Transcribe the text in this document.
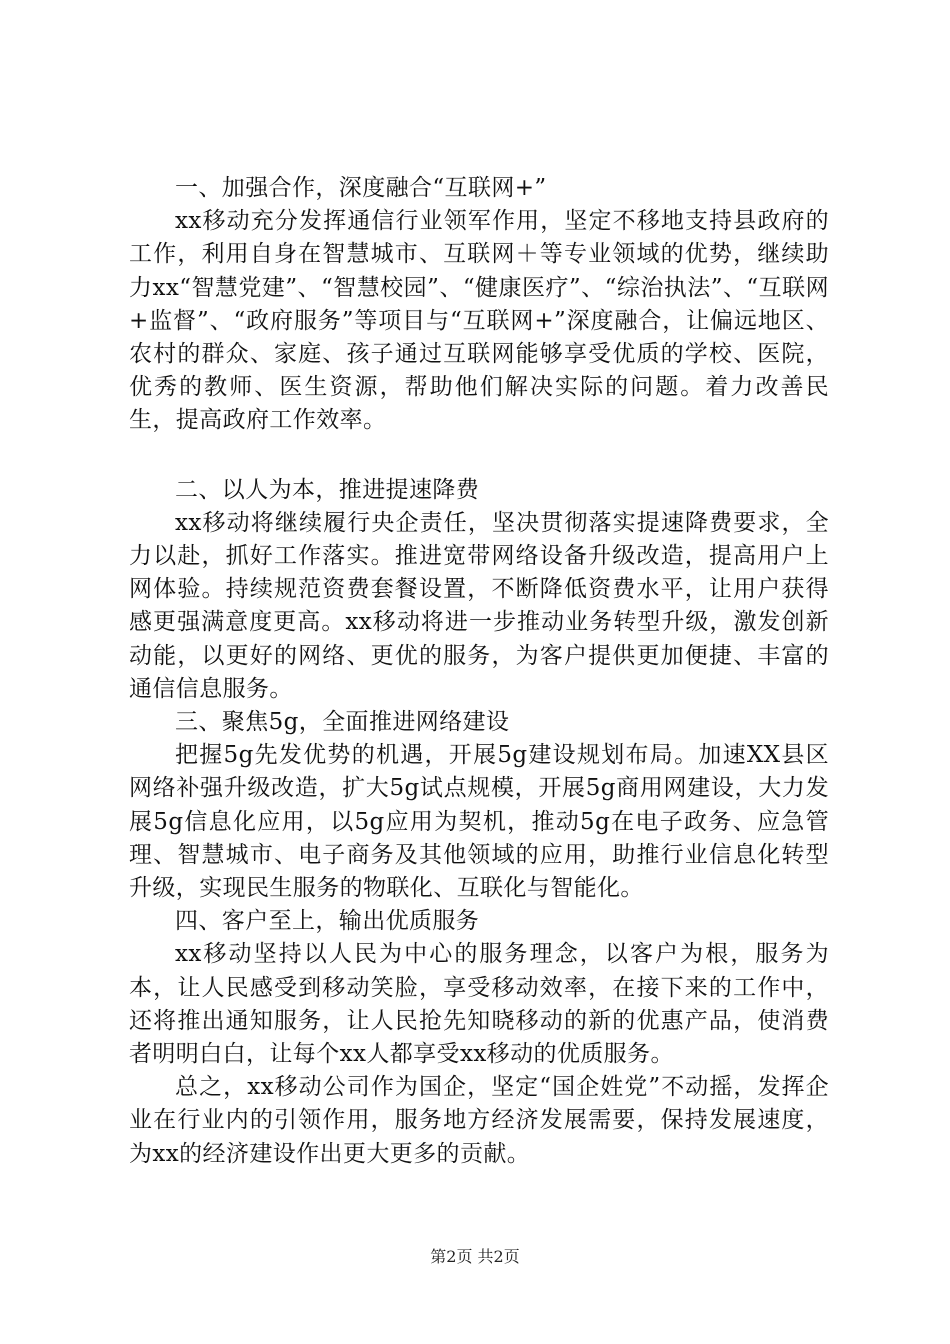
一、加强合作，深度融合“互联网+”

xx移动充分发挥通信行业领军作用，坚定不移地支持县政府的工作，利用自身在智慧城市、互联网＋等专业领域的优势，继续助力xx“智慧党建”、“智慧校园”、“健康医疗”、“综治执法”、“互联网+监督”、“政府服务”等项目与“互联网+”深度融合，让偏远地区、农村的群众、家庭、孩子通过互联网能够享受优质的学校、医院，优秀的教师、医生资源，帮助他们解决实际的问题。着力改善民生，提高政府工作效率。

二、以人为本，推进提速降费

xx移动将继续履行央企责任，坚决贯彻落实提速降费要求，全力以赴，抓好工作落实。推进宽带网络设备升级改造，提高用户上网体验。持续规范资费套餐设置，不断降低资费水平，让用户获得感更强满意度更高。xx移动将进一步推动业务转型升级，激发创新动能，以更好的网络、更优的服务，为客户提供更加便捷、丰富的通信信息服务。

三、聚焦5g，全面推进网络建设

把握5g先发优势的机遇，开展5g建设规划布局。加速XX县区网络补强升级改造，扩大5g试点规模，开展5g商用网建设，大力发展5g信息化应用，以5g应用为契机，推动5g在电子政务、应急管理、智慧城市、电子商务及其他领域的应用，助推行业信息化转型升级，实现民生服务的物联化、互联化与智能化。

四、客户至上，输出优质服务

xx移动坚持以人民为中心的服务理念，以客户为根，服务为本，让人民感受到移动笑脸，享受移动效率，在接下来的工作中，还将推出通知服务，让人民抢先知晓移动的新的优惠产品，使消费者明明白白，让每个xx人都享受xx移动的优质服务。

总之，xx移动公司作为国企，坚定“国企姓党”不动摇，发挥企业在行业内的引领作用，服务地方经济发展需要，保持发展速度，为xx的经济建设作出更大更多的贡献。

第2页 共2页
